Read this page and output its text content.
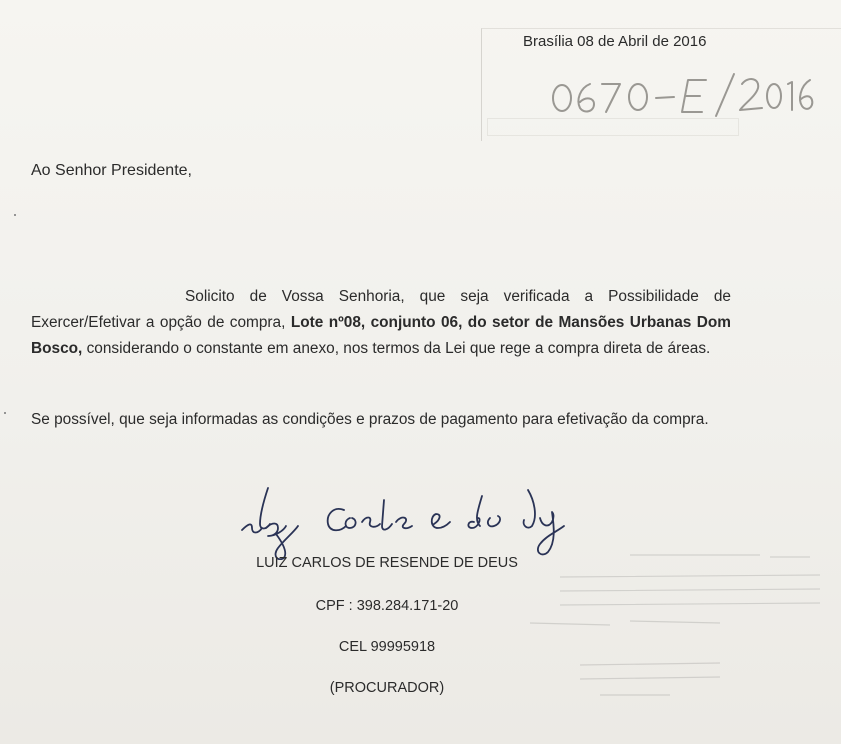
Brasília 08 de Abril de 2016
Ao Senhor Presidente,
Solicito de Vossa Senhoria, que seja verificada a Possibilidade de Exercer/Efetivar a opção de compra, Lote nº08, conjunto 06, do setor de Mansões Urbanas Dom Bosco, considerando o constante em anexo, nos termos da Lei que rege a compra direta de áreas.
Se possível, que seja informadas as condições e prazos de pagamento para efetivação da compra.
LUIZ CARLOS DE RESENDE DE DEUS
CPF : 398.284.171-20
CEL 99995918
(PROCURADOR)
